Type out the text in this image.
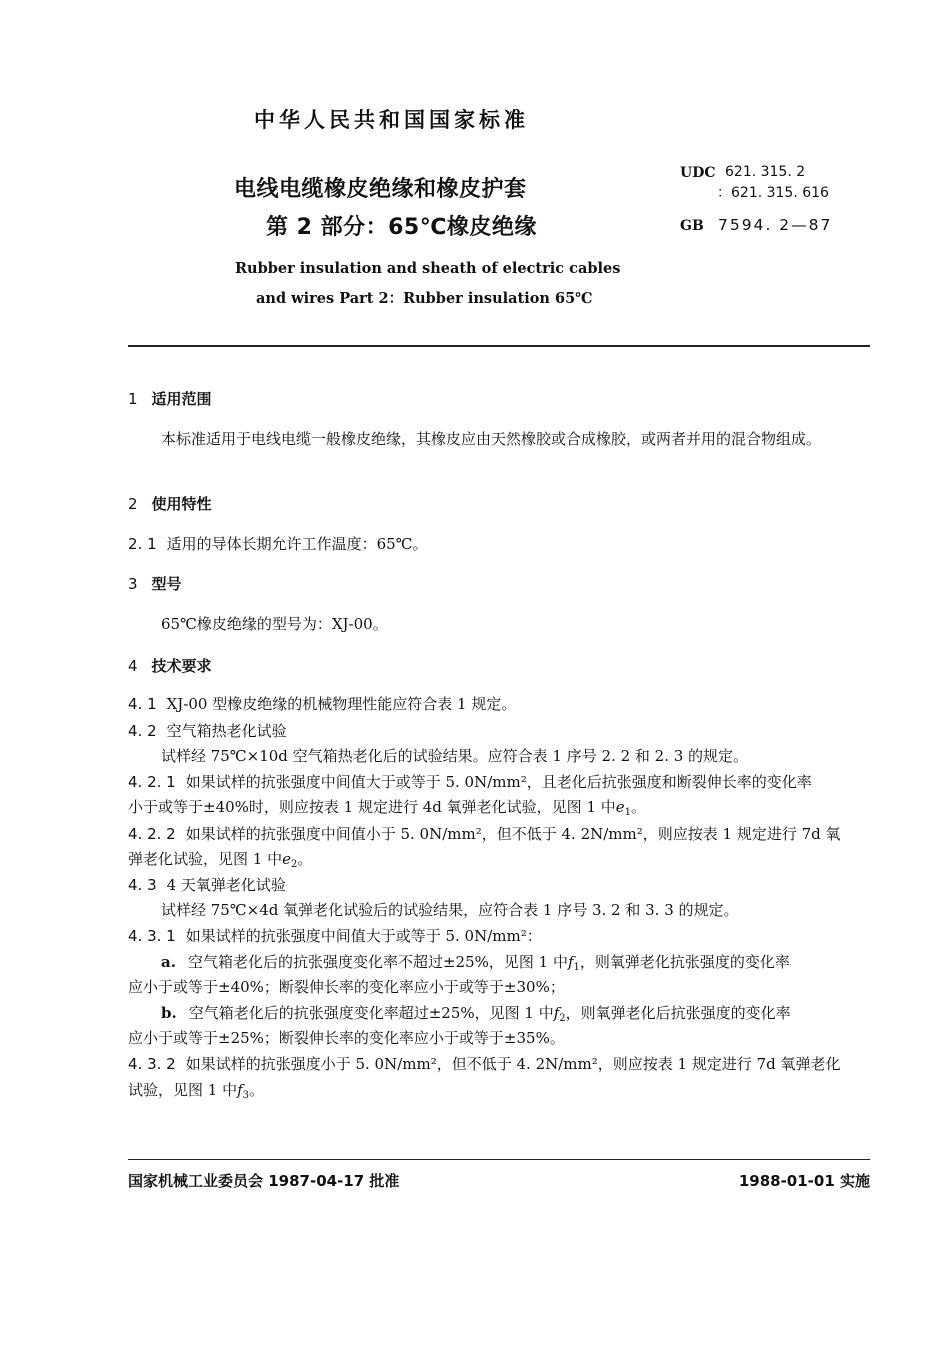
中华人民共和国国家标准
电线电缆橡皮绝缘和橡皮护套
第 2 部分：65℃橡皮绝缘
Rubber insulation and sheath of electric cables
and wires Part 2：Rubber insulation 65℃
UDC 621. 315. 2
：621. 315. 616
GB 7594. 2—87
1 适用范围
本标准适用于电线电缆一般橡皮绝缘，其橡皮应由天然橡胶或合成橡胶，或两者并用的混合物组成。
2 使用特性
2. 1 适用的导体长期允许工作温度：65℃。
3 型号
65℃橡皮绝缘的型号为：XJ-00。
4 技术要求
4. 1 XJ-00 型橡皮绝缘的机械物理性能应符合表 1 规定。
4. 2 空气箱热老化试验
试样经 75℃×10d 空气箱热老化后的试验结果。应符合表 1 序号 2. 2 和 2. 3 的规定。
4. 2. 1 如果试样的抗张强度中间值大于或等于 5. 0N/mm²，且老化后抗张强度和断裂伸长率的变化率
小于或等于±40%时，则应按表 1 规定进行 4d 氧弹老化试验，见图 1 中$e_1$。
4. 2. 2 如果试样的抗张强度中间值小于 5. 0N/mm²，但不低于 4. 2N/mm²，则应按表 1 规定进行 7d 氧
弹老化试验，见图 1 中$e_2$。
4. 3 4 天氧弹老化试验
试样经 75℃×4d 氧弹老化试验后的试验结果，应符合表 1 序号 3. 2 和 3. 3 的规定。
4. 3. 1 如果试样的抗张强度中间值大于或等于 5. 0N/mm²：
a. 空气箱老化后的抗张强度变化率不超过±25%，见图 1 中$f_1$，则氧弹老化抗张强度的变化率
应小于或等于±40%；断裂伸长率的变化率应小于或等于±30%；
b. 空气箱老化后的抗张强度变化率超过±25%，见图 1 中$f_2$，则氧弹老化后抗张强度的变化率
应小于或等于±25%；断裂伸长率的变化率应小于或等于±35%。
4. 3. 2 如果试样的抗张强度小于 5. 0N/mm²，但不低于 4. 2N/mm²，则应按表 1 规定进行 7d 氧弹老化
试验，见图 1 中$f_3$。
国家机械工业委员会 1987-04-17 批准	1988-01-01 实施
